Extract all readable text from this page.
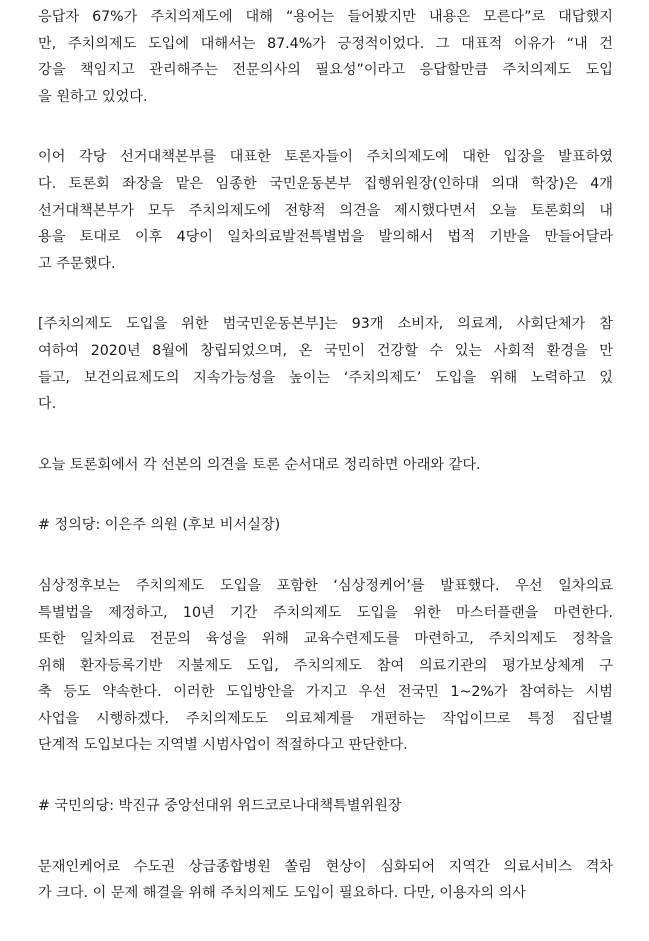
응답자 67%가 주치의제도에 대해 “용어는 들어봤지만 내용은 모른다”로 대답했지
만, 주치의제도 도입에 대해서는 87.4%가 긍정적이었다. 그 대표적 이유가 “내 건
강을 책임지고 관리해주는 전문의사의 필요성”이라고 응답할만큼 주치의제도 도입
을 원하고 있었다.
이어 각당 선거대책본부를 대표한 토론자들이 주치의제도에 대한 입장을 발표하였
다. 토론회 좌장을 맡은 임종한 국민운동본부 집행위원장(인하대 의대 학장)은 4개
선거대책본부가 모두 주치의제도에 전향적 의견을 제시했다면서 오늘 토론회의 내
용을 토대로 이후 4당이 일차의료발전특별법을 발의해서 법적 기반을 만들어달라
고 주문했다.
[주치의제도 도입을 위한 범국민운동본부]는 93개 소비자, 의료계, 사회단체가 참
여하여 2020년 8월에 창립되었으며, 온 국민이 건강할 수 있는 사회적 환경을 만
들고, 보건의료제도의 지속가능성을 높이는 ‘주치의제도’ 도입을 위해 노력하고 있
다.
오늘 토론회에서 각 선본의 의견을 토론 순서대로 정리하면 아래와 같다.
# 정의당: 이은주 의원 (후보 비서실장)
심상정후보는 주치의제도 도입을 포함한 ‘심상정케어’를 발표했다. 우선 일차의료
특별법을 제정하고, 10년 기간 주치의제도 도입을 위한 마스터플랜을 마련한다.
또한 일차의료 전문의 육성을 위해 교육수련제도를 마련하고, 주치의제도 정착을
위해 환자등록기반 지불제도 도입, 주치의제도 참여 의료기관의 평가보상체계 구
축 등도 약속한다. 이러한 도입방안을 가지고 우선 전국민 1~2%가 참여하는 시범
사업을 시행하겠다. 주치의제도도 의료체계를 개편하는 작업이므로 특정 집단별
단계적 도입보다는 지역별 시범사업이 적절하다고 판단한다.
# 국민의당: 박진규 중앙선대위 위드코로나대책특별위원장
문재인케어로 수도권 상급종합병원 쏠림 현상이 심화되어 지역간 의료서비스 격차
가 크다. 이 문제 해결을 위해 주치의제도 도입이 필요하다. 다만, 이용자의 의사
